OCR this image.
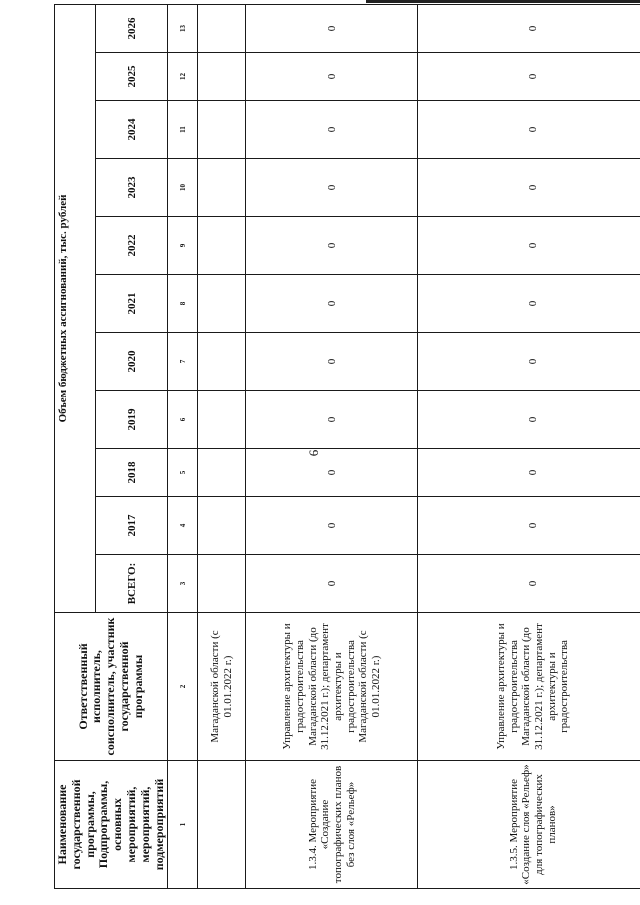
6
Наименование государственной программы, Подпрограммы, основных мероприятий, мероприятий, подмероприятий	Ответственный исполнитель, соисполнитель, участник государственной программы	Объем бюджетных ассигнований, тыс. рублей										
		ВСЕГО:	2017	2018	2019	2020	2021	2022	2023	2024	2025	2026
1	2	3	4	5	6	7	8	9	10	11	12	13
	Магаданской области (с 01.01.2022 г.)											
1.3.4. Мероприятие «Создание топографических планов без слоя «Рельеф»	Управление архитектуры и градостроительства Магаданской области (до 31.12.2021 г.); департамент архитектуры и градостроительства Магаданской области (с 01.01.2022 г.)	0	0	0	0	0	0	0	0	0	0	0
1.3.5. Мероприятие «Создание слоя «Рельеф» для топографических планов»	Управление архитектуры и градостроительства Магаданской области (до 31.12.2021 г.); департамент архитектуры и градостроительства	0	0	0	0	0	0	0	0	0	0	0
